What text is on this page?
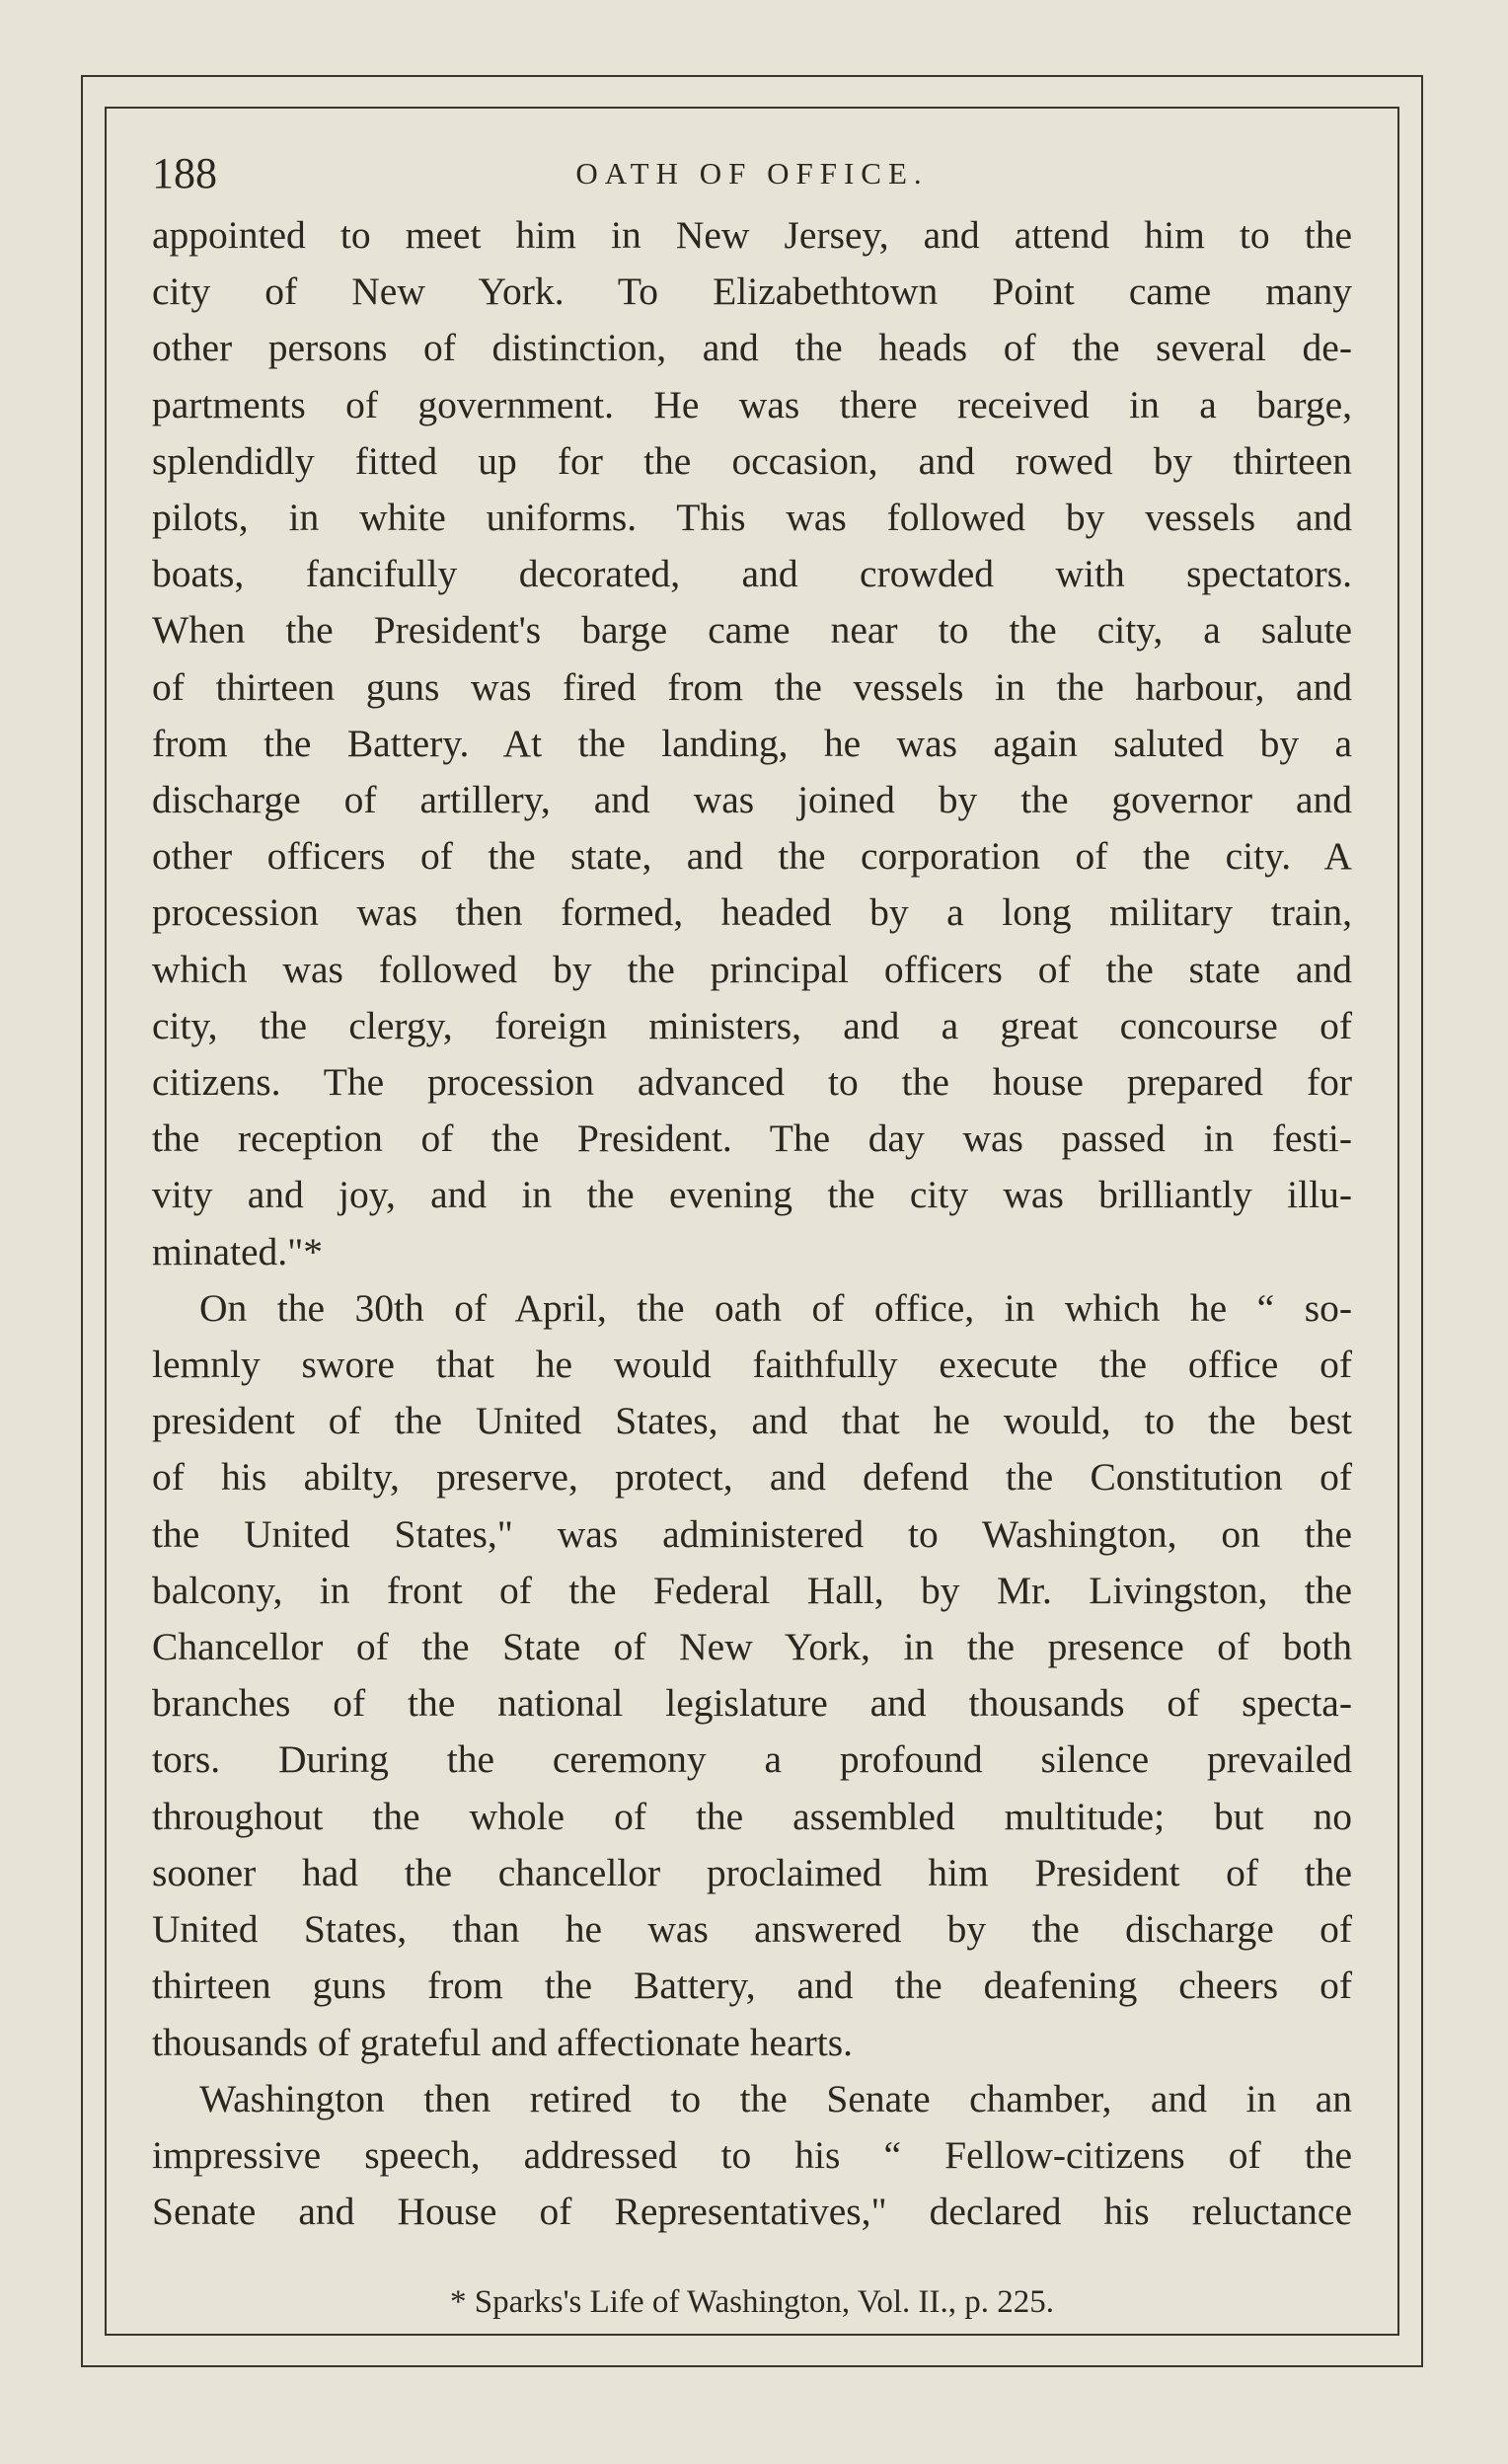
188	OATH OF OFFICE.
appointed to meet him in New Jersey, and attend him to the
city of New York. To Elizabethtown Point came many
other persons of distinction, and the heads of the several de-
partments of government. He was there received in a barge,
splendidly fitted up for the occasion, and rowed by thirteen
pilots, in white uniforms. This was followed by vessels and
boats, fancifully decorated, and crowded with spectators.
When the President's barge came near to the city, a salute
of thirteen guns was fired from the vessels in the harbour, and
from the Battery. At the landing, he was again saluted by a
discharge of artillery, and was joined by the governor and
other officers of the state, and the corporation of the city. A
procession was then formed, headed by a long military train,
which was followed by the principal officers of the state and
city, the clergy, foreign ministers, and a great concourse of
citizens. The procession advanced to the house prepared for
the reception of the President. The day was passed in festi-
vity and joy, and in the evening the city was brilliantly illu-
minated."*
On the 30th of April, the oath of office, in which he “ so-
lemnly swore that he would faithfully execute the office of
president of the United States, and that he would, to the best
of his abilty, preserve, protect, and defend the Constitution of
the United States," was administered to Washington, on the
balcony, in front of the Federal Hall, by Mr. Livingston, the
Chancellor of the State of New York, in the presence of both
branches of the national legislature and thousands of specta-
tors. During the ceremony a profound silence prevailed
throughout the whole of the assembled multitude; but no
sooner had the chancellor proclaimed him President of the
United States, than he was answered by the discharge of
thirteen guns from the Battery, and the deafening cheers of
thousands of grateful and affectionate hearts.
Washington then retired to the Senate chamber, and in an
impressive speech, addressed to his “ Fellow-citizens of the
Senate and House of Representatives," declared his reluctance
* Sparks's Life of Washington, Vol. II., p. 225.
